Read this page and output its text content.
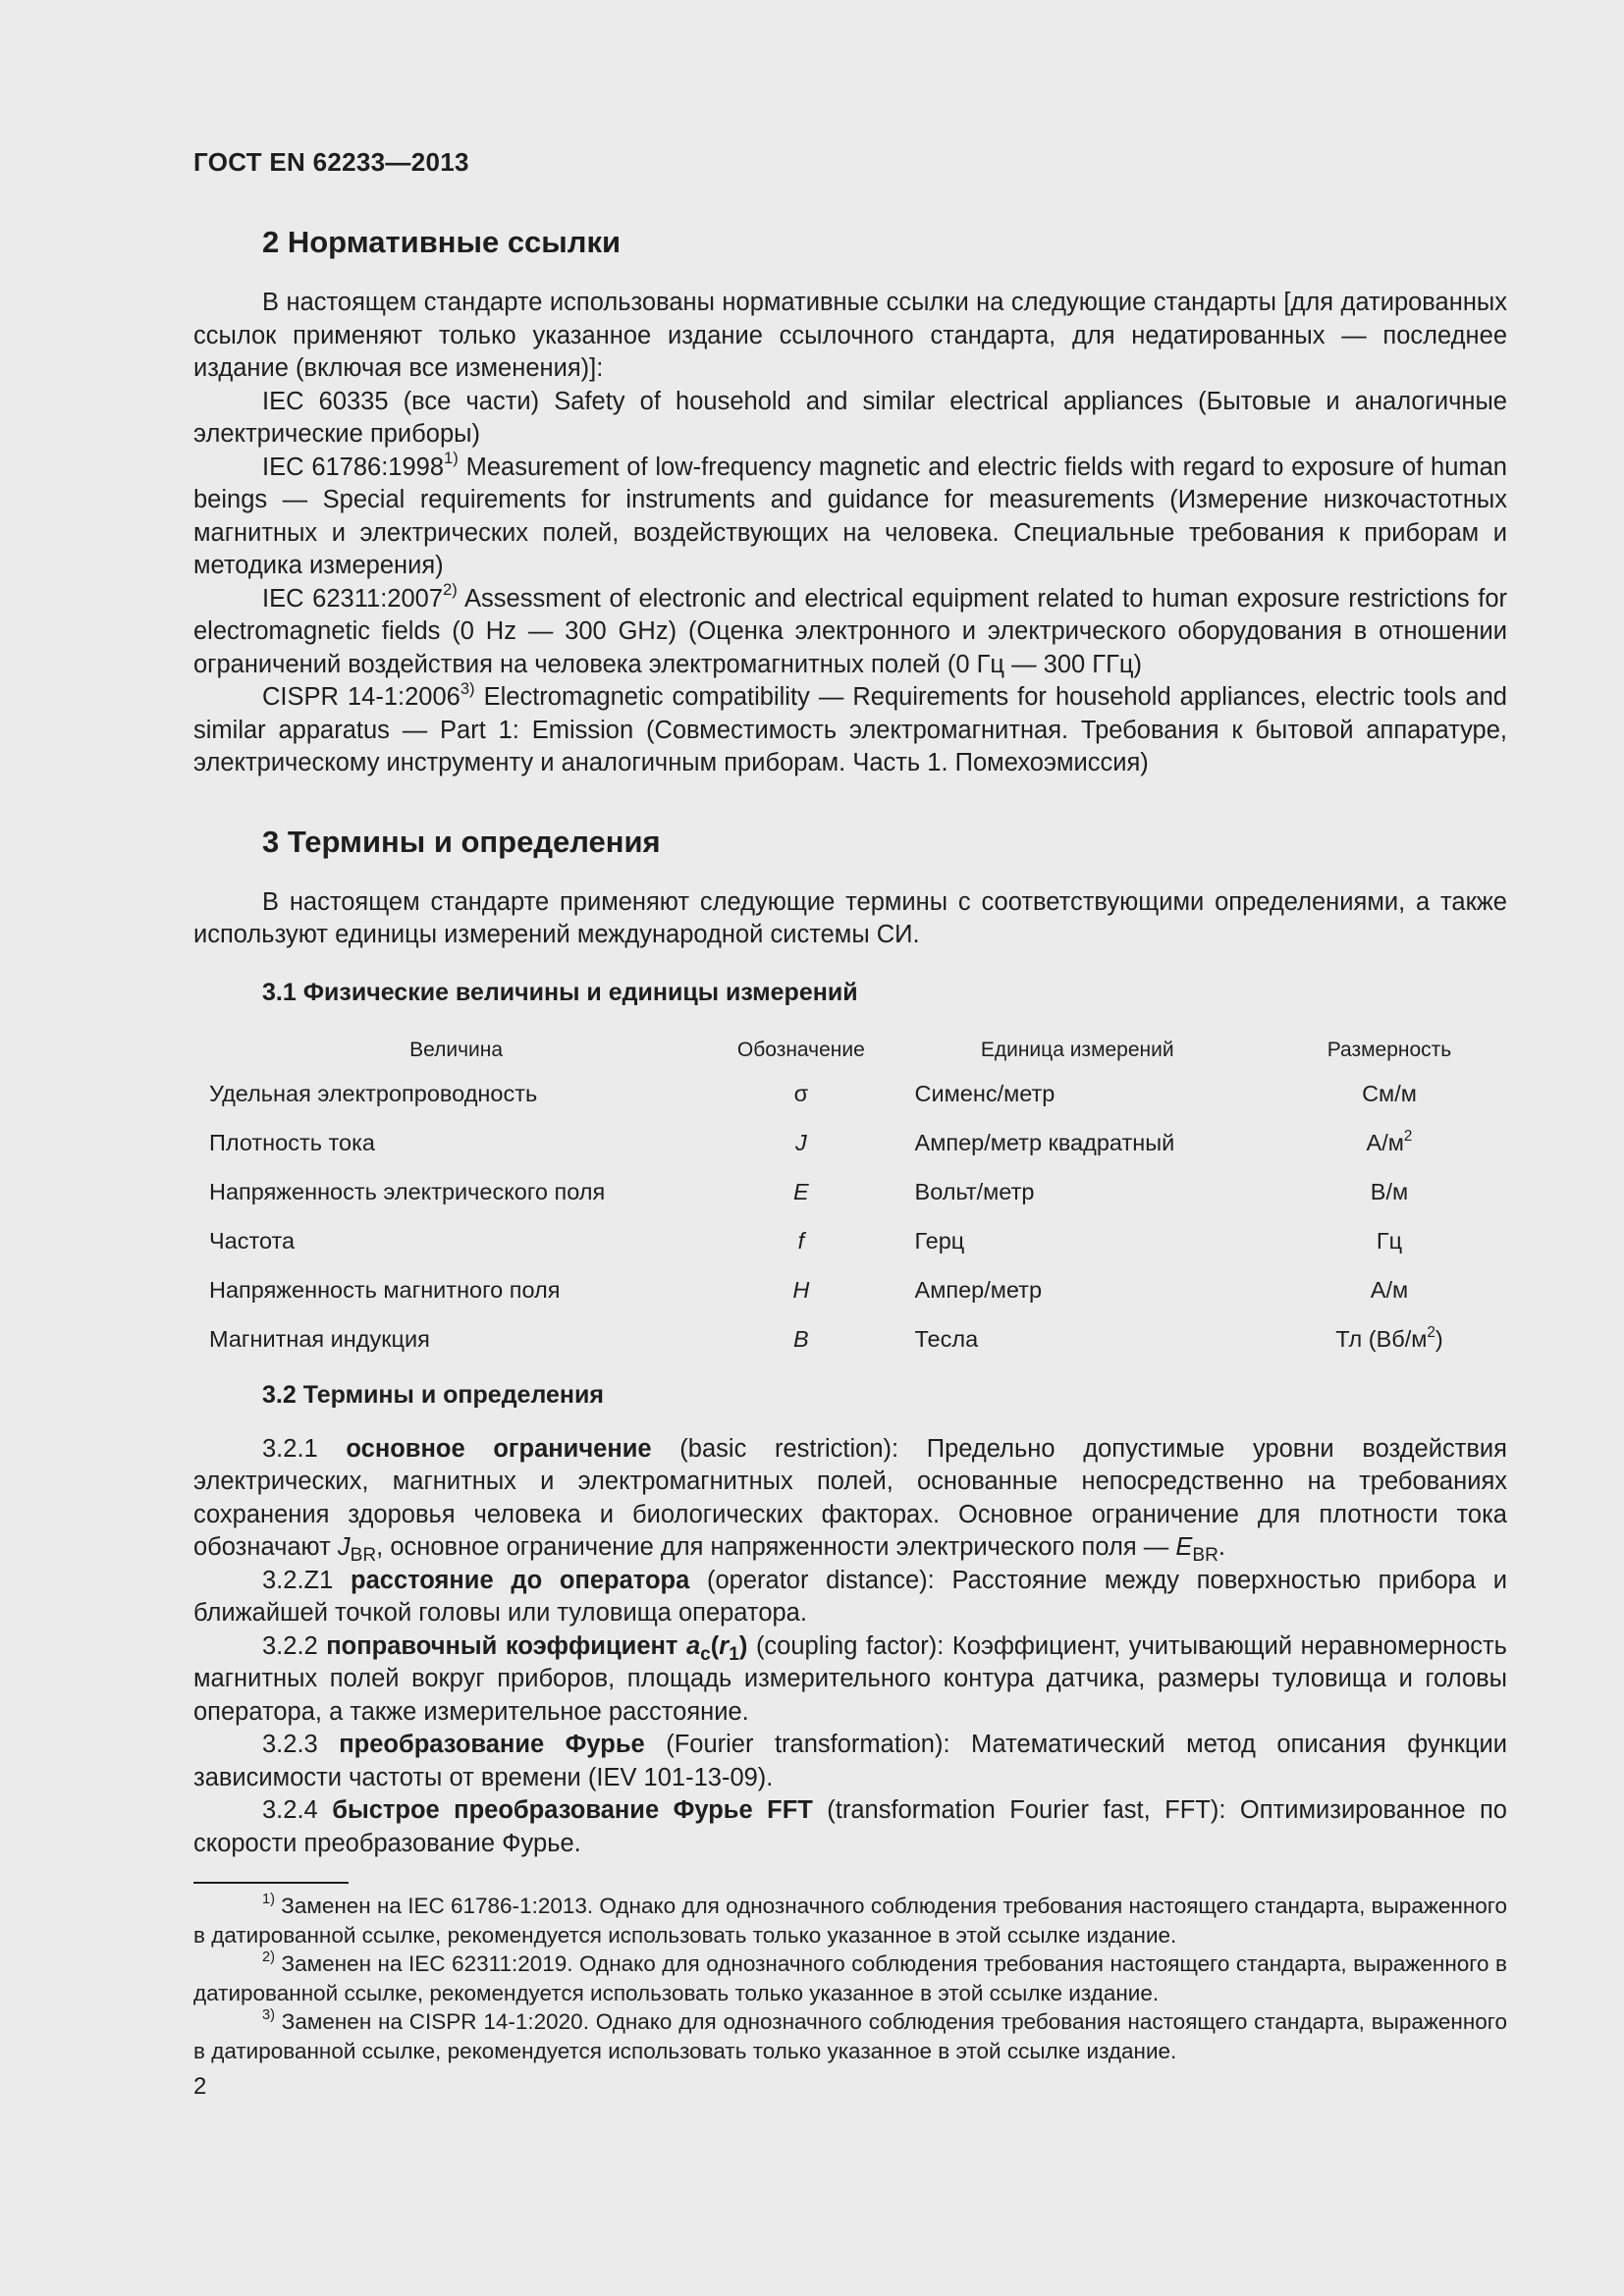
ГОСТ EN 62233—2013
2 Нормативные ссылки

В настоящем стандарте использованы нормативные ссылки на следующие стандарты [для датированных ссылок применяют только указанное издание ссылочного стандарта, для недатированных — последнее издание (включая все изменения)]:

IEC 60335 (все части) Safety of household and similar electrical appliances (Бытовые и аналогичные электрические приборы)

IEC 61786:1998$^{1)}$ Measurement of low-frequency magnetic and electric fields with regard to exposure of human beings — Special requirements for instruments and guidance for measurements (Измерение низкочастотных магнитных и электрических полей, воздействующих на человека. Специальные требования к приборам и методика измерения)

IEC 62311:2007$^{2)}$ Assessment of electronic and electrical equipment related to human exposure restrictions for electromagnetic fields (0 Hz — 300 GHz) (Оценка электронного и электрического оборудования в отношении ограничений воздействия на человека электромагнитных полей (0 Гц — 300 ГГц)

CISPR 14-1:2006$^{3)}$ Electromagnetic compatibility — Requirements for household appliances, electric tools and similar apparatus — Part 1: Emission (Совместимость электромагнитная. Требования к бытовой аппаратуре, электрическому инструменту и аналогичным приборам. Часть 1. Помехоэмиссия)

3 Термины и определения

В настоящем стандарте применяют следующие термины с соответствующими определениями, а также используют единицы измерений международной системы СИ.

3.1 Физические величины и единицы измерений
Величина	Обозначение	Единица измерений	Размерность
Удельная электропроводность	σ	Сименс/метр	См/м
Плотность тока	J	Ампер/метр квадратный	$А/м^2$
Напряженность электрического поля	E	Вольт/метр	В/м
Частота	f	Герц	Гц
Напряженность магнитного поля	H	Ампер/метр	А/м
Магнитная индукция	B	Тесла	Тл $(Вб/м^2)$
3.2 Термины и определения

3.2.1 основное ограничение (basic restriction): Предельно допустимые уровни воздействия электрических, магнитных и электромагнитных полей, основанные непосредственно на требованиях сохранения здоровья человека и биологических факторах. Основное ограничение для плотности тока обозначают $J_{BR}$, основное ограничение для напряженности электрического поля — $E_{BR}$.

3.2.Z1 расстояние до оператора (operator distance): Расстояние между поверхностью прибора и ближайшей точкой головы или туловища оператора.

3.2.2 поправочный коэффициент $a_c(r_1)$ (coupling factor): Коэффициент, учитывающий неравномерность магнитных полей вокруг приборов, площадь измерительного контура датчика, размеры туловища и головы оператора, а также измерительное расстояние.

3.2.3 преобразование Фурье (Fourier transformation): Математический метод описания функции зависимости частоты от времени (IEV 101-13-09).

3.2.4 быстрое преобразование Фурье FFT (transformation Fourier fast, FFT): Оптимизированное по скорости преобразование Фурье.

$^{1)}$ Заменен на IEC 61786-1:2013. Однако для однозначного соблюдения требования настоящего стандарта, выраженного в датированной ссылке, рекомендуется использовать только указанное в этой ссылке издание.

$^{2)}$ Заменен на IEC 62311:2019. Однако для однозначного соблюдения требования настоящего стандарта, выраженного в датированной ссылке, рекомендуется использовать только указанное в этой ссылке издание.

$^{3)}$ Заменен на CISPR 14-1:2020. Однако для однозначного соблюдения требования настоящего стандарта, выраженного в датированной ссылке, рекомендуется использовать только указанное в этой ссылке издание.

2
